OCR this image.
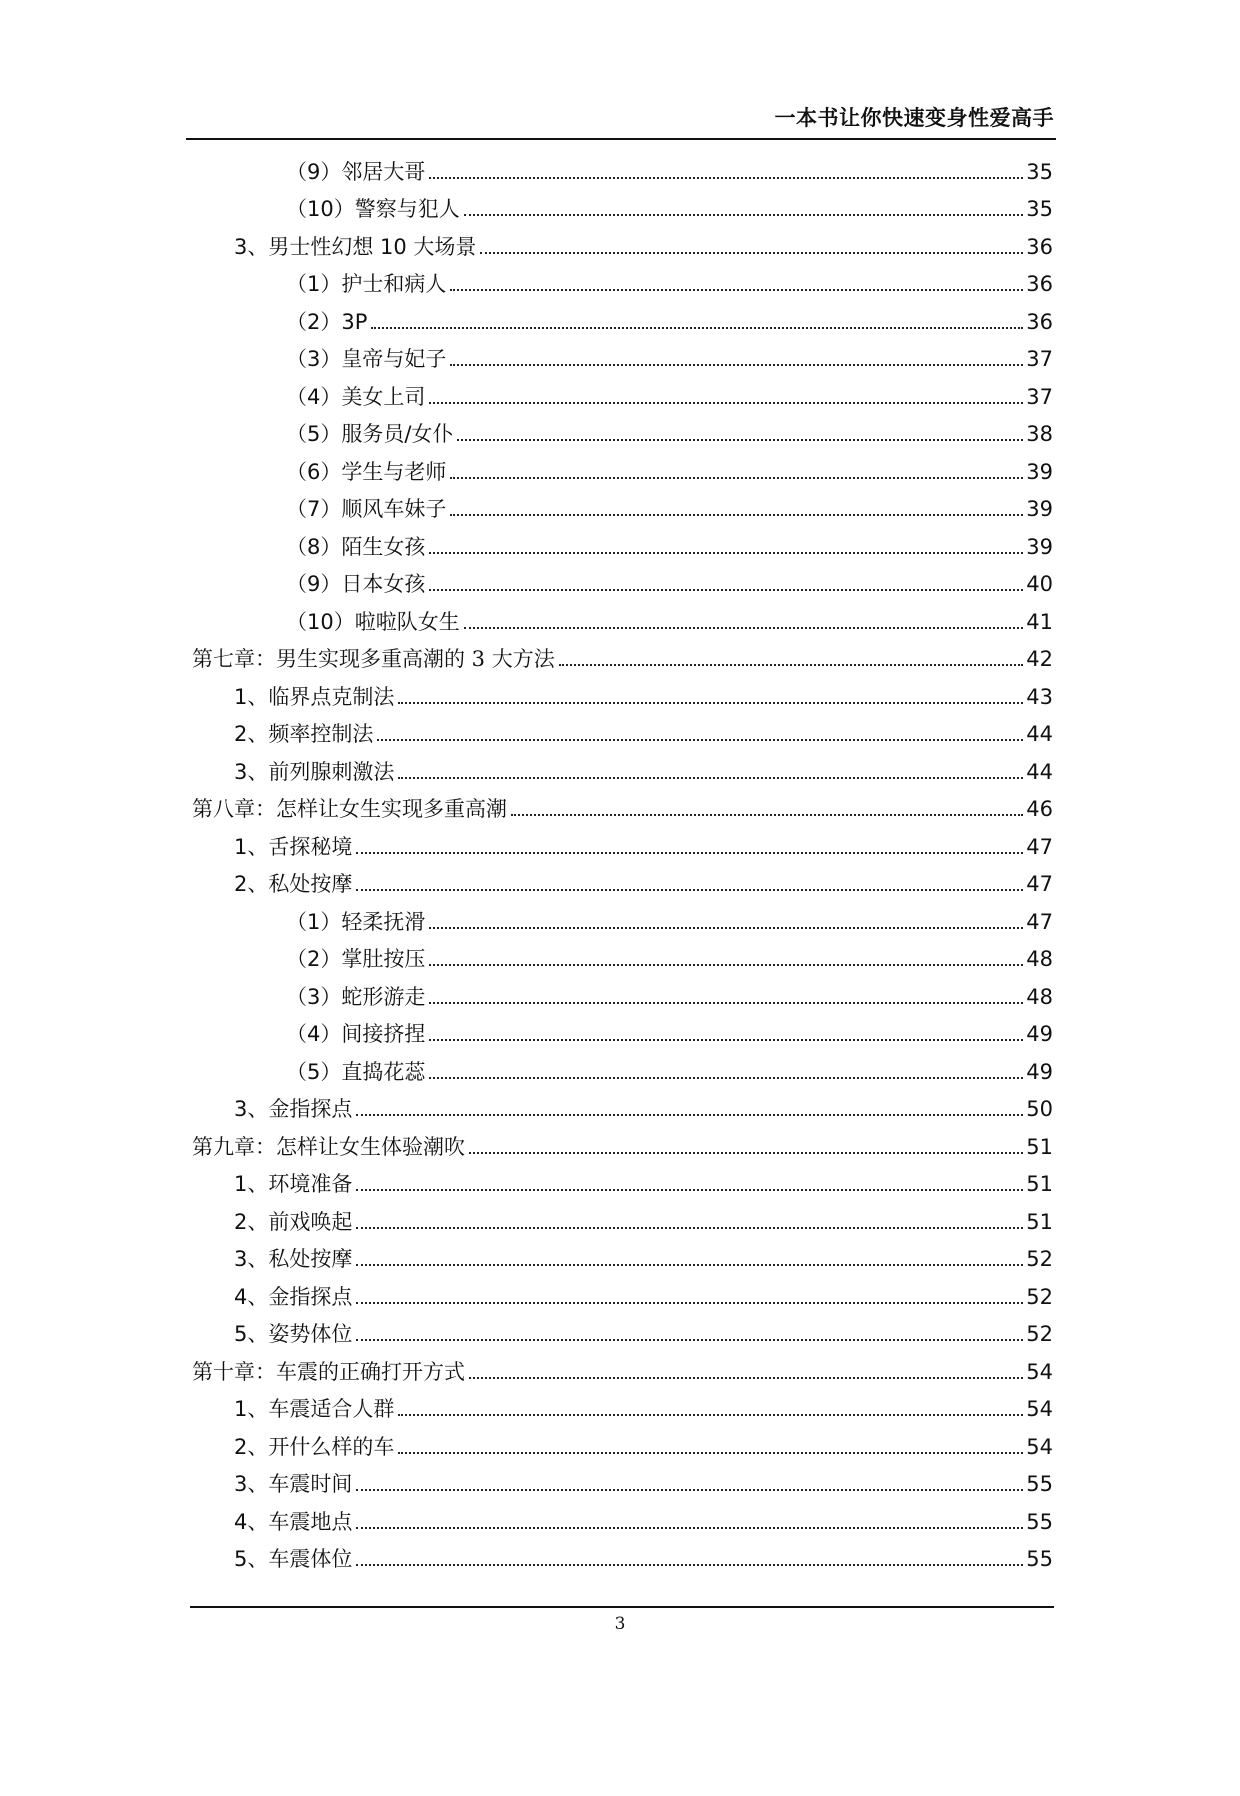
一本书让你快速变身性爱高手
（9）邻居大哥	35
（10）警察与犯人	35
3、男士性幻想 10 大场景	36
（1）护士和病人	36
（2）3P	36
（3）皇帝与妃子	37
（4）美女上司	37
（5）服务员/女仆	38
（6）学生与老师	39
（7）顺风车妹子	39
（8）陌生女孩	39
（9）日本女孩	40
（10）啦啦队女生	41
第七章：男生实现多重高潮的 3 大方法	42
1、临界点克制法	43
2、频率控制法	44
3、前列腺刺激法	44
第八章：怎样让女生实现多重高潮	46
1、舌探秘境	47
2、私处按摩	47
（1）轻柔抚滑	47
（2）掌肚按压	48
（3）蛇形游走	48
（4）间接挤捏	49
（5）直捣花蕊	49
3、金指探点	50
第九章：怎样让女生体验潮吹	51
1、环境准备	51
2、前戏唤起	51
3、私处按摩	52
4、金指探点	52
5、姿势体位	52
第十章：车震的正确打开方式	54
1、车震适合人群	54
2、开什么样的车	54
3、车震时间	55
4、车震地点	55
5、车震体位	55
3
